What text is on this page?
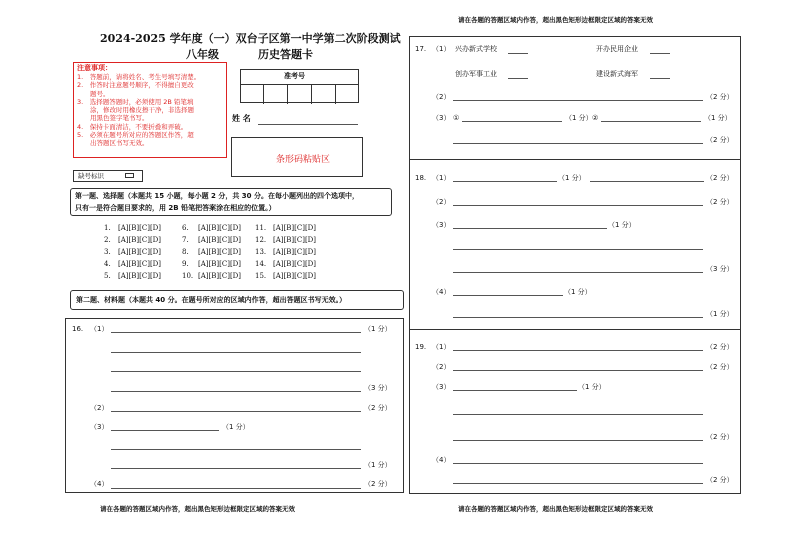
2024-2025 学年度（一）双台子区第一中学第二次阶段测试
八年级	历史答题卡
请在各题的答题区域内作答，超出黑色矩形边框限定区域的答案无效
注意事项：
1.　答题前，请将姓名、考生号填写清楚。
2.　作答时注意题号顺序，不得擅自更改
　　题号。
3.　选择题答题时，必须使用 2B 铅笔填
　　涂，修改时用橡皮擦干净，非选择题
　　用黑色签字笔书写。
4.　保持卡面清洁，不要折叠和弄破。
5.　必须在题号所对应的答题区作答，超
　　出答题区书写无效。
缺号标识
准考号
姓 名
条形码粘贴区
第一题、选择题（本题共 15 小题，每小题 2 分，共 30 分。在每小题列出的四个选项中，
只有一是符合题目要求的，用 2B 铅笔把答案涂在相应的位置。）
1. [A][B][C][D]
2. [A][B][C][D]
3. [A][B][C][D]
4. [A][B][C][D]
5. [A][B][C][D]
6. [A][B][C][D]
7. [A][B][C][D]
8. [A][B][C][D]
9. [A][B][C][D]
10. [A][B][C][D]
11. [A][B][C][D]
12. [A][B][C][D]
13. [A][B][C][D]
14. [A][B][C][D]
15. [A][B][C][D]
第二题、材料题（本题共 40 分。在题号所对应的区域内作答，超出答题区书写无效。）
16. （1）	（1 分）
（3 分）
（2）	（2 分）
（3）	（1 分）
（1 分）
（4）	（2 分）
请在各题的答题区域内作答，超出黑色矩形边框限定区域的答案无效
17. （1） 兴办新式学校	开办民用企业
创办军事工业	建设新式海军
（2）	（2 分）
（3） ①	（1 分） ②	（1 分）
（2 分）
18. （1）	（1 分）	（2 分）
（2）	（2 分）
（3）	（1 分）
（3 分）
（4）	（1 分）
（1 分）
19. （1）	（2 分）
（2）	（2 分）
（3）	（1 分）
（2 分）
（4）
（2 分）
请在各题的答题区域内作答，超出黑色矩形边框限定区域的答案无效
